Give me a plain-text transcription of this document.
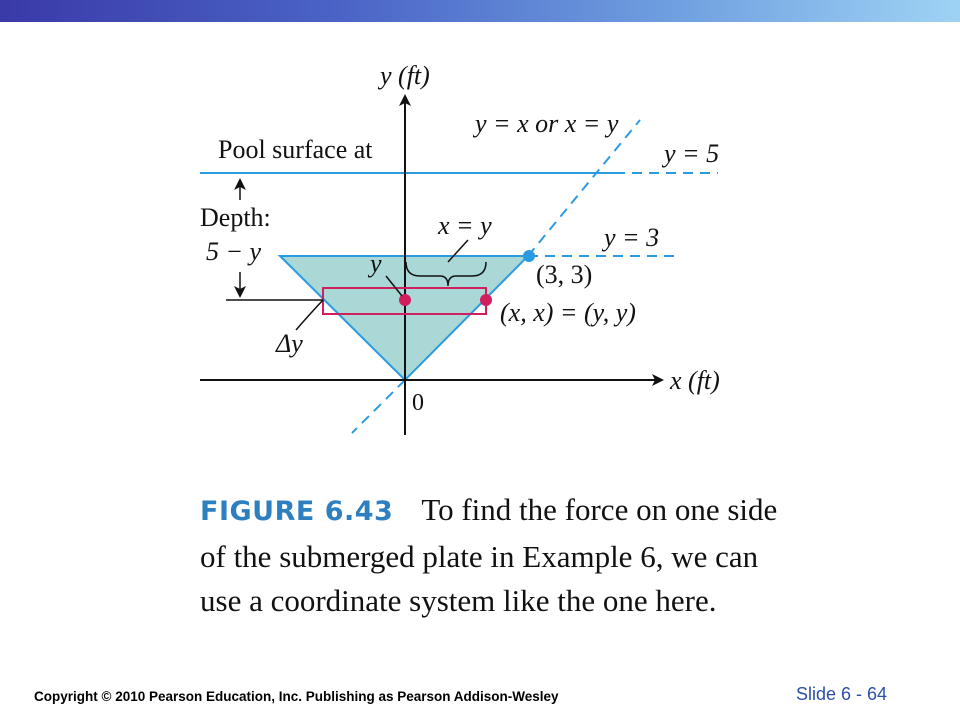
y (ft)
x (ft)
0
y = x or x = y
Pool surface at	y = 5
y = 3
Depth:
5 − y
x = y
y	(3, 3)
(x, x) = (y, y)
Δy
FIGURE 6.43 To find the force on one side of the submerged plate in Example 6, we can use a coordinate system like the one here.
Copyright © 2010 Pearson Education, Inc. Publishing as Pearson Addison-Wesley	Slide 6 - 64
